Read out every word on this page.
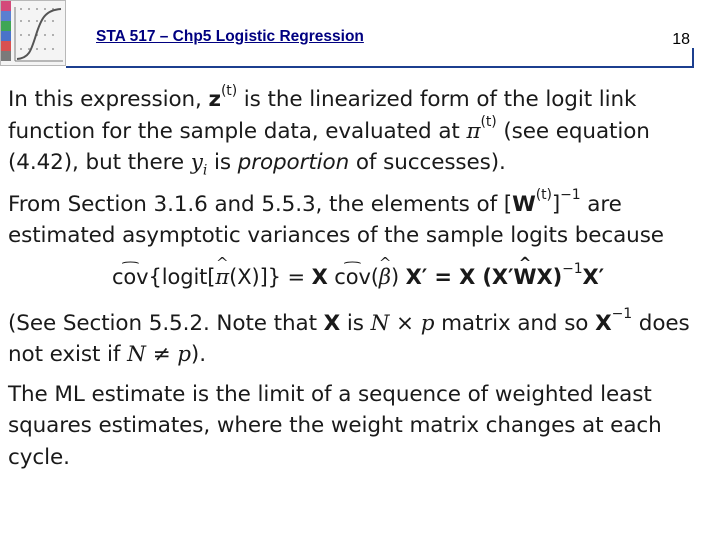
STA 517 – Chp5 Logistic Regression	18

In this expression, $z^{(t)}$ is the linearized form of the logit link function for the sample data, evaluated at $\pi^{(t)}$ (see equation (4.42), but there $y_i$ is proportion of successes).

From Section 3.1.6 and 5.5.3, the elements of $[W^{(t)}]^{-1}$ are estimated asymptotic variances of the sample logits because

⌢ cov{logit[^ π(X)]} = X ⌢ cov(^ β) X′ = X (X′^ WX)$^{-1}$X′

(See Section 5.5.2. Note that X is N × p matrix and so $X^{-1}$ does not exist if N ≠ p).

The ML estimate is the limit of a sequence of weighted least squares estimates, where the weight matrix changes at each cycle.
